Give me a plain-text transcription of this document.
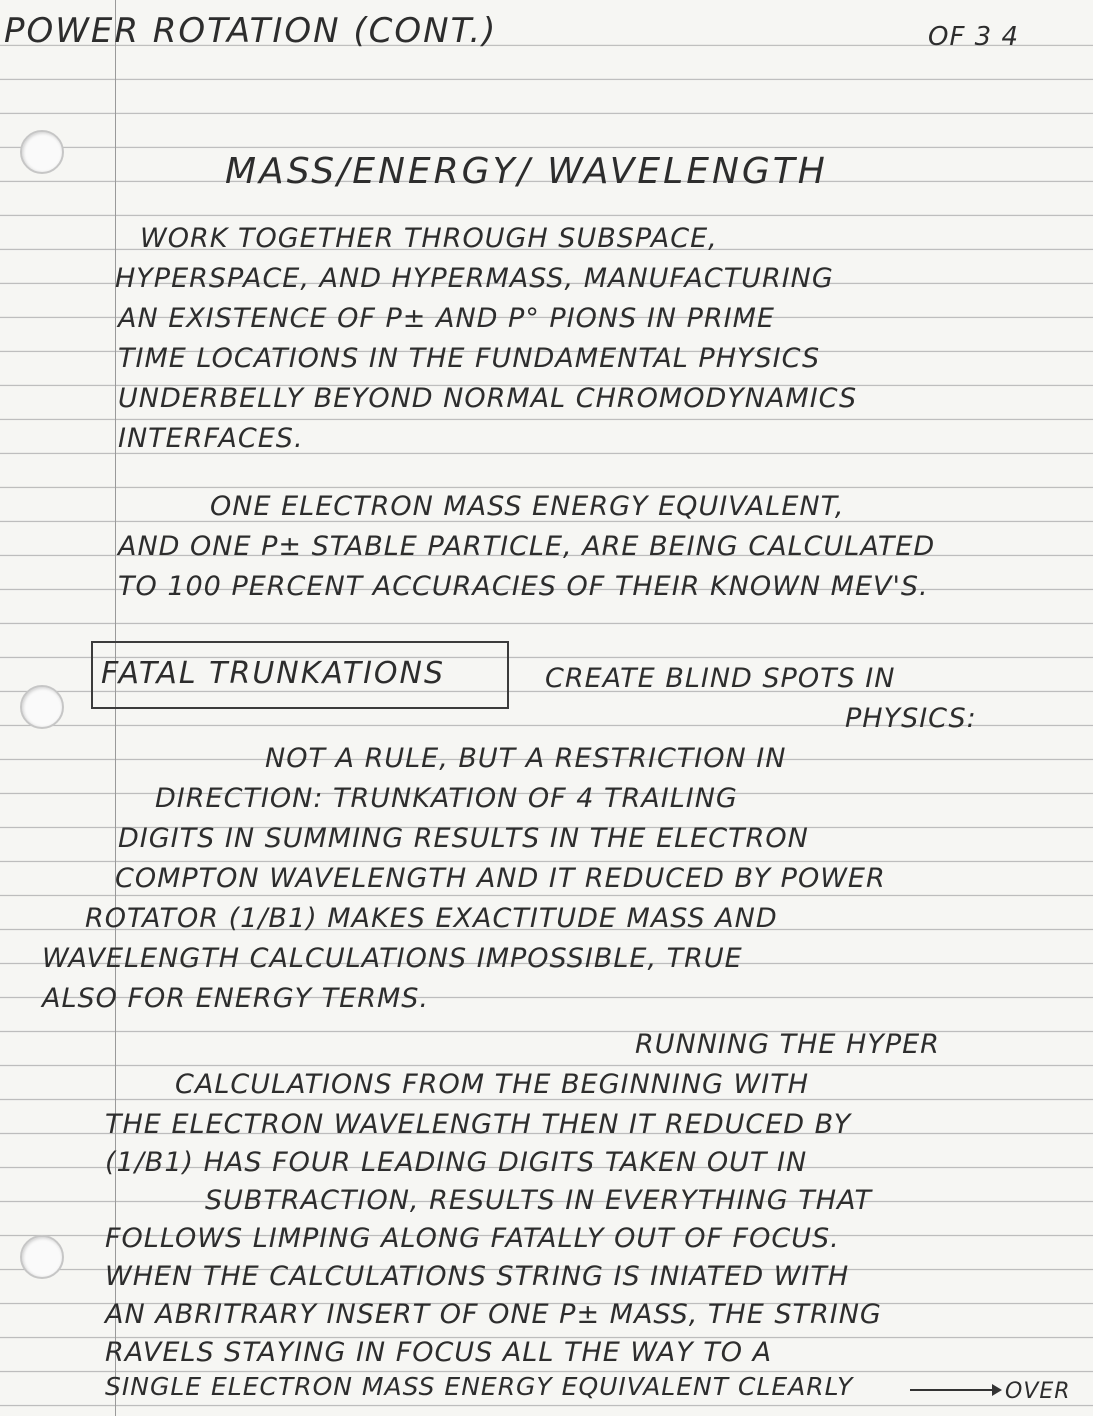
POWER ROTATION (CONT.)	OF 3 4

MASS/ENERGY/ WAVELENGTH

WORK TOGETHER THROUGH SUBSPACE,

HYPERSPACE, AND HYPERMASS, MANUFACTURING

AN EXISTENCE OF P± AND P° PIONS IN PRIME

TIME LOCATIONS IN THE FUNDAMENTAL PHYSICS

UNDERBELLY BEYOND NORMAL CHROMODYNAMICS

INTERFACES.

ONE ELECTRON MASS ENERGY EQUIVALENT,

AND ONE P± STABLE PARTICLE, ARE BEING CALCULATED

TO 100 PERCENT ACCURACIES OF THEIR KNOWN MEV'S.

FATAL TRUNKATIONS	CREATE BLIND SPOTS IN

PHYSICS:

NOT A RULE, BUT A RESTRICTION IN

DIRECTION: TRUNKATION OF 4 TRAILING

DIGITS IN SUMMING RESULTS IN THE ELECTRON

COMPTON WAVELENGTH AND IT REDUCED BY POWER

ROTATOR (1/B1) MAKES EXACTITUDE MASS AND

WAVELENGTH CALCULATIONS IMPOSSIBLE, TRUE

ALSO FOR ENERGY TERMS.

RUNNING THE HYPER

CALCULATIONS FROM THE BEGINNING WITH

THE ELECTRON WAVELENGTH THEN IT REDUCED BY

(1/B1) HAS FOUR LEADING DIGITS TAKEN OUT IN

SUBTRACTION, RESULTS IN EVERYTHING THAT

FOLLOWS LIMPING ALONG FATALLY OUT OF FOCUS.

WHEN THE CALCULATIONS STRING IS INIATED WITH

AN ABRITRARY INSERT OF ONE P± MASS, THE STRING

RAVELS STAYING IN FOCUS ALL THE WAY TO A

SINGLE ELECTRON MASS ENERGY EQUIVALENT CLEARLY	OVER
